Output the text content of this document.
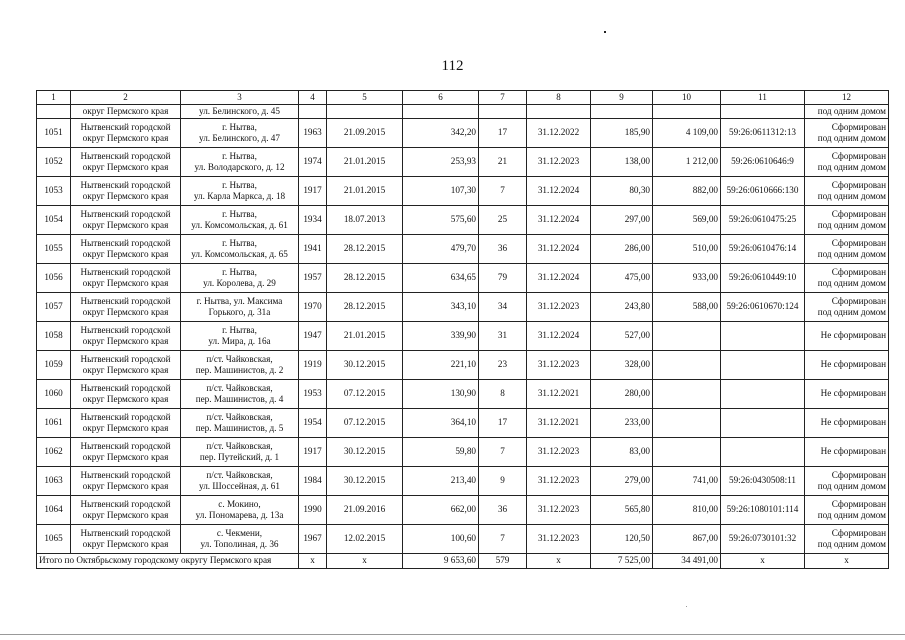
112
1	2	3	4	5	6	7	8	9	10	11	12
	округ Пермского края	ул. Белинского, д. 45									под одним домом
1051	Нытвенский городской
округ Пермского края	г. Нытва,
ул. Белинского, д. 47	1963	21.09.2015	342,20	17	31.12.2022	185,90	4 109,00	59:26:0611312:13	Сформирован
под одним домом

1052	Нытвенский городской
округ Пермского края	г. Нытва,
ул. Володарского, д. 12	1974	21.01.2015	253,93	21	31.12.2023	138,00	1 212,00	59:26:0610646:9	Сформирован
под одним домом

1053	Нытвенский городской
округ Пермского края	г. Нытва,
ул. Карла Маркса, д. 18	1917	21.01.2015	107,30	7	31.12.2024	80,30	882,00	59:26:0610666:130	Сформирован
под одним домом

1054	Нытвенский городской
округ Пермского края	г. Нытва,
ул. Комсомольская, д. 61	1934	18.07.2013	575,60	25	31.12.2024	297,00	569,00	59:26:0610475:25	Сформирован
под одним домом

1055	Нытвенский городской
округ Пермского края	г. Нытва,
ул. Комсомольская, д. 65	1941	28.12.2015	479,70	36	31.12.2024	286,00	510,00	59:26:0610476:14	Сформирован
под одним домом

1056	Нытвенский городской
округ Пермского края	г. Нытва,
ул. Королева, д. 29	1957	28.12.2015	634,65	79	31.12.2024	475,00	933,00	59:26:0610449:10	Сформирован
под одним домом

1057	Нытвенский городской
округ Пермского края	г. Нытва, ул. Максима
Горького, д. 31а	1970	28.12.2015	343,10	34	31.12.2023	243,80	588,00	59:26:0610670:124	Сформирован
под одним домом

1058	Нытвенский городской
округ Пермского края	г. Нытва,
ул. Мира, д. 16а	1947	21.01.2015	339,90	31	31.12.2024	527,00			Не сформирован
1059	Нытвенский городской
округ Пермского края	п/ст. Чайковская,
пер. Машинистов, д. 2	1919	30.12.2015	221,10	23	31.12.2023	328,00			Не сформирован
1060	Нытвенский городской
округ Пермского края	п/ст. Чайковская,
пер. Машинистов, д. 4	1953	07.12.2015	130,90	8	31.12.2021	280,00			Не сформирован
1061	Нытвенский городской
округ Пермского края	п/ст. Чайковская,
пер. Машинистов, д. 5	1954	07.12.2015	364,10	17	31.12.2021	233,00			Не сформирован
1062	Нытвенский городской
округ Пермского края	п/ст. Чайковская,
пер. Путейский, д. 1	1917	30.12.2015	59,80	7	31.12.2023	83,00			Не сформирован
1063	Нытвенский городской
округ Пермского края	п/ст. Чайковская,
ул. Шоссейная, д. 61	1984	30.12.2015	213,40	9	31.12.2023	279,00	741,00	59:26:0430508:11	Сформирован
под одним домом

1064	Нытвенский городской
округ Пермского края	с. Мокино,
ул. Пономарева, д. 13а	1990	21.09.2016	662,00	36	31.12.2023	565,80	810,00	59:26:1080101:114	Сформирован
под одним домом

1065	Нытвенский городской
округ Пермского края	с. Чекмени,
ул. Тополиная, д. 36	1967	12.02.2015	100,60	7	31.12.2023	120,50	867,00	59:26:0730101:32	Сформирован
под одним домом

Итого по Октябрьскому городскому округу Пермского края			x	x	9 653,60	579	x	7 525,00	34 491,00	x	x
